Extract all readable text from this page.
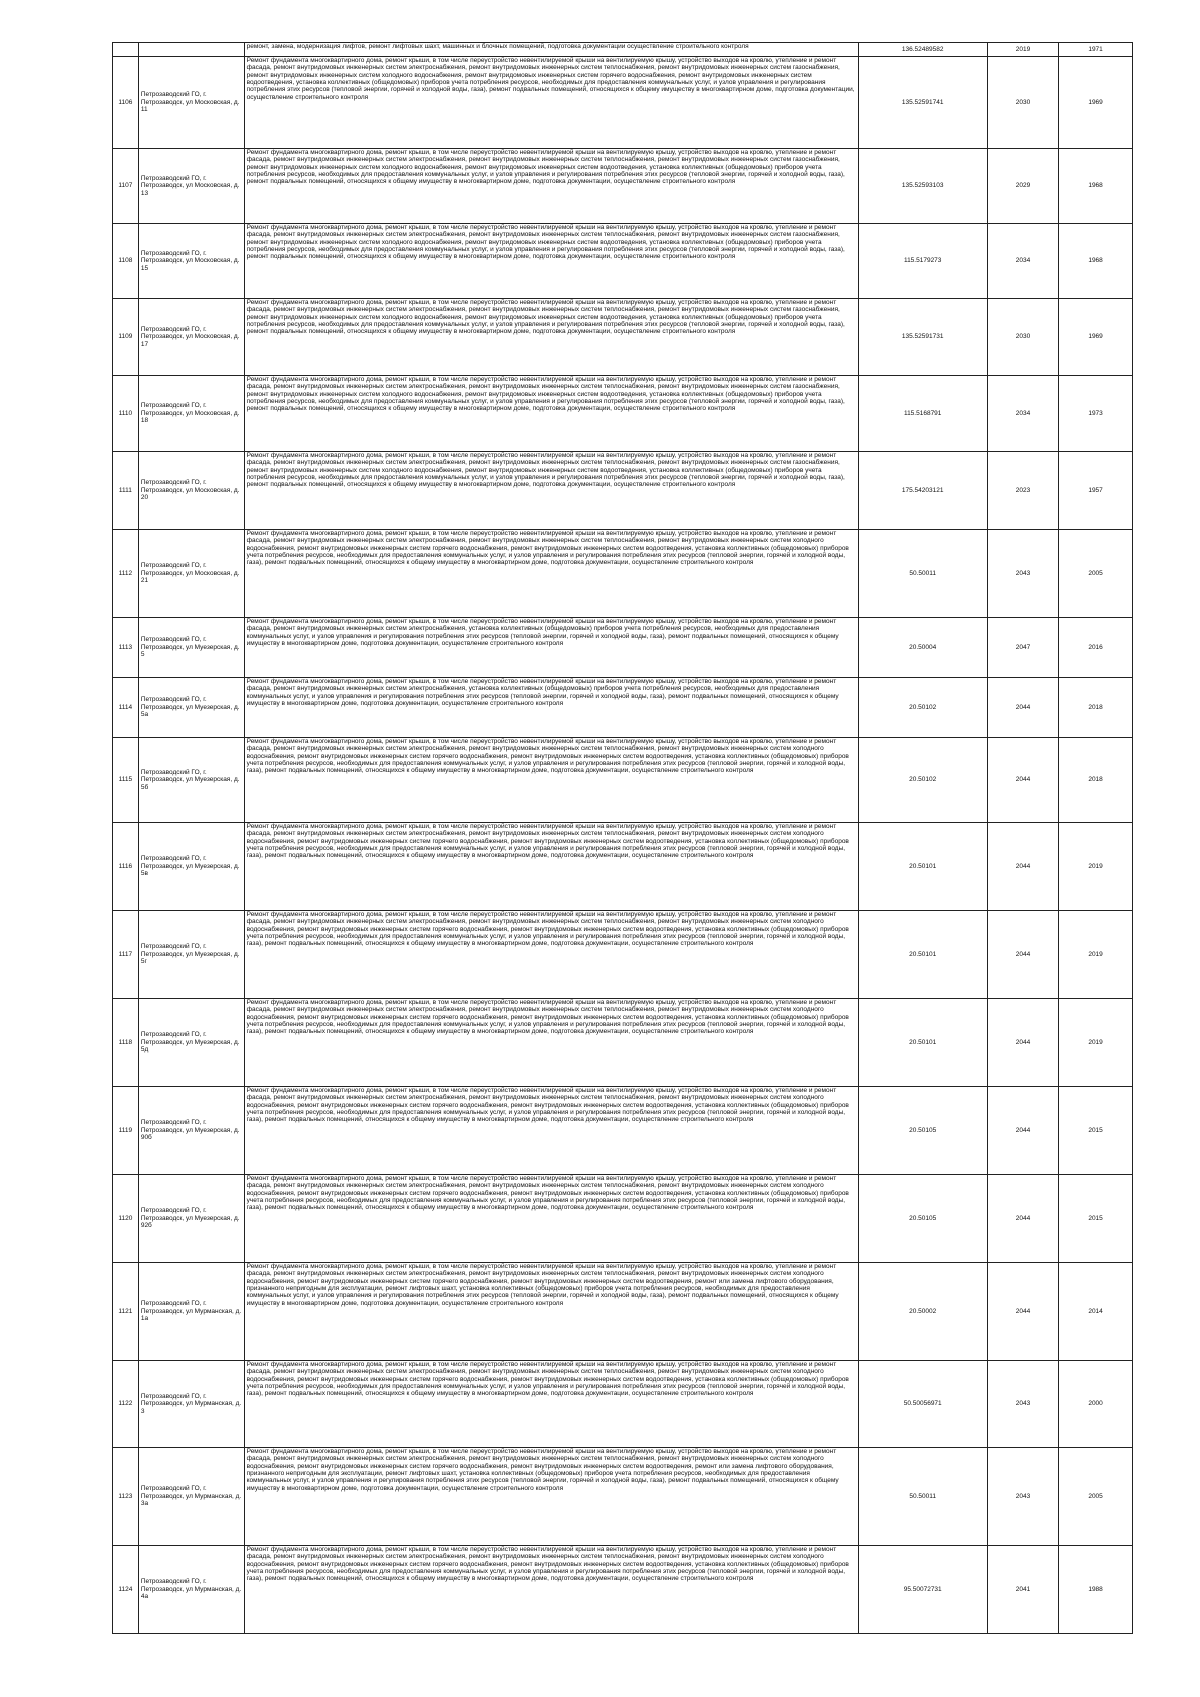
		ремонт, замена, модернизация лифтов, ремонт лифтовых шахт, машинных и блочных помещений, подготовка документации осуществление строительного контроля	136.52489582	2019	1971
1106	Петрозаводский ГО, г. Петрозаводск, ул Московская, д. 11	Ремонт фундамента многоквартирного дома, ремонт крыши, в том числе переустройство невентилируемой крыши на вентилируемую крышу, устройство выходов на кровлю, утепление и ремонт фасада, ремонт внутридомовых инженерных систем электроснабжения, ремонт внутридомовых инженерных систем теплоснабжения, ремонт внутридомовых инженерных систем газоснабжения, ремонт внутридомовых инженерных систем холодного водоснабжения, ремонт внутридомовых инженерных систем горячего водоснабжения, ремонт внутридомовых инженерных систем водоотведения, установка коллективных (общедомовых) приборов учета потребления ресурсов, необходимых для предоставления коммунальных услуг, и узлов управления и регулирования потребления этих ресурсов (тепловой энергии, горячей и холодной воды, газа), ремонт подвальных помещений, относящихся к общему имуществу в многоквартирном доме, подготовка документации, осуществление строительного контроля	135.52591741	2030	1969
1107	Петрозаводский ГО, г. Петрозаводск, ул Московская, д. 13	Ремонт фундамента многоквартирного дома, ремонт крыши, в том числе переустройство невентилируемой крыши на вентилируемую крышу, устройство выходов на кровлю, утепление и ремонт фасада, ремонт внутридомовых инженерных систем электроснабжения, ремонт внутридомовых инженерных систем теплоснабжения, ремонт внутридомовых инженерных систем газоснабжения, ремонт внутридомовых инженерных систем холодного водоснабжения, ремонт внутридомовых инженерных систем водоотведения, установка коллективных (общедомовых) приборов учета потребления ресурсов, необходимых для предоставления коммунальных услуг, и узлов управления и регулирования потребления этих ресурсов (тепловой энергии, горячей и холодной воды, газа), ремонт подвальных помещений, относящихся к общему имуществу в многоквартирном доме, подготовка документации, осуществление строительного контроля	135.52593103	2029	1968
1108	Петрозаводский ГО, г. Петрозаводск, ул Московская, д. 15	Ремонт фундамента многоквартирного дома, ремонт крыши, в том числе переустройство невентилируемой крыши на вентилируемую крышу, устройство выходов на кровлю, утепление и ремонт фасада, ремонт внутридомовых инженерных систем электроснабжения, ремонт внутридомовых инженерных систем теплоснабжения, ремонт внутридомовых инженерных систем газоснабжения, ремонт внутридомовых инженерных систем холодного водоснабжения, ремонт внутридомовых инженерных систем водоотведения, установка коллективных (общедомовых) приборов учета потребления ресурсов, необходимых для предоставления коммунальных услуг, и узлов управления и регулирования потребления этих ресурсов (тепловой энергии, горячей и холодной воды, газа), ремонт подвальных помещений, относящихся к общему имуществу в многоквартирном доме, подготовка документации, осуществление строительного контроля	115.5179273	2034	1968
1109	Петрозаводский ГО, г. Петрозаводск, ул Московская, д. 17	Ремонт фундамента многоквартирного дома, ремонт крыши, в том числе переустройство невентилируемой крыши на вентилируемую крышу, устройство выходов на кровлю, утепление и ремонт фасада, ремонт внутридомовых инженерных систем электроснабжения, ремонт внутридомовых инженерных систем теплоснабжения, ремонт внутридомовых инженерных систем газоснабжения, ремонт внутридомовых инженерных систем холодного водоснабжения, ремонт внутридомовых инженерных систем водоотведения, установка коллективных (общедомовых) приборов учета потребления ресурсов, необходимых для предоставления коммунальных услуг, и узлов управления и регулирования потребления этих ресурсов (тепловой энергии, горячей и холодной воды, газа), ремонт подвальных помещений, относящихся к общему имуществу в многоквартирном доме, подготовка документации, осуществление строительного контроля	135.52591731	2030	1969
1110	Петрозаводский ГО, г. Петрозаводск, ул Московская, д. 18	Ремонт фундамента многоквартирного дома, ремонт крыши, в том числе переустройство невентилируемой крыши на вентилируемую крышу, устройство выходов на кровлю, утепление и ремонт фасада, ремонт внутридомовых инженерных систем электроснабжения, ремонт внутридомовых инженерных систем теплоснабжения, ремонт внутридомовых инженерных систем газоснабжения, ремонт внутридомовых инженерных систем холодного водоснабжения, ремонт внутридомовых инженерных систем водоотведения, установка коллективных (общедомовых) приборов учета потребления ресурсов, необходимых для предоставления коммунальных услуг, и узлов управления и регулирования потребления этих ресурсов (тепловой энергии, горячей и холодной воды, газа), ремонт подвальных помещений, относящихся к общему имуществу в многоквартирном доме, подготовка документации, осуществление строительного контроля	115.5168791	2034	1973
1111	Петрозаводский ГО, г. Петрозаводск, ул Московская, д. 20	Ремонт фундамента многоквартирного дома, ремонт крыши, в том числе переустройство невентилируемой крыши на вентилируемую крышу, устройство выходов на кровлю, утепление и ремонт фасада, ремонт внутридомовых инженерных систем электроснабжения, ремонт внутридомовых инженерных систем теплоснабжения, ремонт внутридомовых инженерных систем газоснабжения, ремонт внутридомовых инженерных систем холодного водоснабжения, ремонт внутридомовых инженерных систем водоотведения, установка коллективных (общедомовых) приборов учета потребления ресурсов, необходимых для предоставления коммунальных услуг, и узлов управления и регулирования потребления этих ресурсов (тепловой энергии, горячей и холодной воды, газа), ремонт подвальных помещений, относящихся к общему имуществу в многоквартирном доме, подготовка документации, осуществление строительного контроля	175.54203121	2023	1957
1112	Петрозаводский ГО, г. Петрозаводск, ул Московская, д. 21	Ремонт фундамента многоквартирного дома, ремонт крыши, в том числе переустройство невентилируемой крыши на вентилируемую крышу, устройство выходов на кровлю, утепление и ремонт фасада, ремонт внутридомовых инженерных систем электроснабжения, ремонт внутридомовых инженерных систем теплоснабжения, ремонт внутридомовых инженерных систем холодного водоснабжения, ремонт внутридомовых инженерных систем горячего водоснабжения, ремонт внутридомовых инженерных систем водоотведения, установка коллективных (общедомовых) приборов учета потребления ресурсов, необходимых для предоставления коммунальных услуг, и узлов управления и регулирования потребления этих ресурсов (тепловой энергии, горячей и холодной воды, газа), ремонт подвальных помещений, относящихся к общему имуществу в многоквартирном доме, подготовка документации, осуществление строительного контроля	50.50011	2043	2005
1113	Петрозаводский ГО, г. Петрозаводск, ул Муезерская, д. 5	Ремонт фундамента многоквартирного дома, ремонт крыши, в том числе переустройство невентилируемой крыши на вентилируемую крышу, устройство выходов на кровлю, утепление и ремонт фасада, ремонт внутридомовых инженерных систем электроснабжения, установка коллективных (общедомовых) приборов учета потребления ресурсов, необходимых для предоставления коммунальных услуг, и узлов управления и регулирования потребления этих ресурсов (тепловой энергии, горячей и холодной воды, газа), ремонт подвальных помещений, относящихся к общему имуществу в многоквартирном доме, подготовка документации, осуществление строительного контроля	20.50004	2047	2016
1114	Петрозаводский ГО, г. Петрозаводск, ул Муезерская, д. 5а	Ремонт фундамента многоквартирного дома, ремонт крыши, в том числе переустройство невентилируемой крыши на вентилируемую крышу, устройство выходов на кровлю, утепление и ремонт фасада, ремонт внутридомовых инженерных систем электроснабжения, установка коллективных (общедомовых) приборов учета потребления ресурсов, необходимых для предоставления коммунальных услуг, и узлов управления и регулирования потребления этих ресурсов (тепловой энергии, горячей и холодной воды, газа), ремонт подвальных помещений, относящихся к общему имуществу в многоквартирном доме, подготовка документации, осуществление строительного контроля	20.50102	2044	2018
1115	Петрозаводский ГО, г. Петрозаводск, ул Муезерская, д. 5б	Ремонт фундамента многоквартирного дома, ремонт крыши, в том числе переустройство невентилируемой крыши на вентилируемую крышу, устройство выходов на кровлю, утепление и ремонт фасада, ремонт внутридомовых инженерных систем электроснабжения, ремонт внутридомовых инженерных систем теплоснабжения, ремонт внутридомовых инженерных систем холодного водоснабжения, ремонт внутридомовых инженерных систем горячего водоснабжения, ремонт внутридомовых инженерных систем водоотведения, установка коллективных (общедомовых) приборов учета потребления ресурсов, необходимых для предоставления коммунальных услуг, и узлов управления и регулирования потребления этих ресурсов (тепловой энергии, горячей и холодной воды, газа), ремонт подвальных помещений, относящихся к общему имуществу в многоквартирном доме, подготовка документации, осуществление строительного контроля	20.50102	2044	2018
1116	Петрозаводский ГО, г. Петрозаводск, ул Муезерская, д. 5в	Ремонт фундамента многоквартирного дома, ремонт крыши, в том числе переустройство невентилируемой крыши на вентилируемую крышу, устройство выходов на кровлю, утепление и ремонт фасада, ремонт внутридомовых инженерных систем электроснабжения, ремонт внутридомовых инженерных систем теплоснабжения, ремонт внутридомовых инженерных систем холодного водоснабжения, ремонт внутридомовых инженерных систем горячего водоснабжения, ремонт внутридомовых инженерных систем водоотведения, установка коллективных (общедомовых) приборов учета потребления ресурсов, необходимых для предоставления коммунальных услуг, и узлов управления и регулирования потребления этих ресурсов (тепловой энергии, горячей и холодной воды, газа), ремонт подвальных помещений, относящихся к общему имуществу в многоквартирном доме, подготовка документации, осуществление строительного контроля	20.50101	2044	2019
1117	Петрозаводский ГО, г. Петрозаводск, ул Муезерская, д. 5г	Ремонт фундамента многоквартирного дома, ремонт крыши, в том числе переустройство невентилируемой крыши на вентилируемую крышу, устройство выходов на кровлю, утепление и ремонт фасада, ремонт внутридомовых инженерных систем электроснабжения, ремонт внутридомовых инженерных систем теплоснабжения, ремонт внутридомовых инженерных систем холодного водоснабжения, ремонт внутридомовых инженерных систем горячего водоснабжения, ремонт внутридомовых инженерных систем водоотведения, установка коллективных (общедомовых) приборов учета потребления ресурсов, необходимых для предоставления коммунальных услуг, и узлов управления и регулирования потребления этих ресурсов (тепловой энергии, горячей и холодной воды, газа), ремонт подвальных помещений, относящихся к общему имуществу в многоквартирном доме, подготовка документации, осуществление строительного контроля	20.50101	2044	2019
1118	Петрозаводский ГО, г. Петрозаводск, ул Муезерская, д. 5д	Ремонт фундамента многоквартирного дома, ремонт крыши, в том числе переустройство невентилируемой крыши на вентилируемую крышу, устройство выходов на кровлю, утепление и ремонт фасада, ремонт внутридомовых инженерных систем электроснабжения, ремонт внутридомовых инженерных систем теплоснабжения, ремонт внутридомовых инженерных систем холодного водоснабжения, ремонт внутридомовых инженерных систем горячего водоснабжения, ремонт внутридомовых инженерных систем водоотведения, установка коллективных (общедомовых) приборов учета потребления ресурсов, необходимых для предоставления коммунальных услуг, и узлов управления и регулирования потребления этих ресурсов (тепловой энергии, горячей и холодной воды, газа), ремонт подвальных помещений, относящихся к общему имуществу в многоквартирном доме, подготовка документации, осуществление строительного контроля	20.50101	2044	2019
1119	Петрозаводский ГО, г. Петрозаводск, ул Муезерская, д. 90б	Ремонт фундамента многоквартирного дома, ремонт крыши, в том числе переустройство невентилируемой крыши на вентилируемую крышу, устройство выходов на кровлю, утепление и ремонт фасада, ремонт внутридомовых инженерных систем электроснабжения, ремонт внутридомовых инженерных систем теплоснабжения, ремонт внутридомовых инженерных систем холодного водоснабжения, ремонт внутридомовых инженерных систем горячего водоснабжения, ремонт внутридомовых инженерных систем водоотведения, установка коллективных (общедомовых) приборов учета потребления ресурсов, необходимых для предоставления коммунальных услуг, и узлов управления и регулирования потребления этих ресурсов (тепловой энергии, горячей и холодной воды, газа), ремонт подвальных помещений, относящихся к общему имуществу в многоквартирном доме, подготовка документации, осуществление строительного контроля	20.50105	2044	2015
1120	Петрозаводский ГО, г. Петрозаводск, ул Муезерская, д. 92б	Ремонт фундамента многоквартирного дома, ремонт крыши, в том числе переустройство невентилируемой крыши на вентилируемую крышу, устройство выходов на кровлю, утепление и ремонт фасада, ремонт внутридомовых инженерных систем электроснабжения, ремонт внутридомовых инженерных систем теплоснабжения, ремонт внутридомовых инженерных систем холодного водоснабжения, ремонт внутридомовых инженерных систем горячего водоснабжения, ремонт внутридомовых инженерных систем водоотведения, установка коллективных (общедомовых) приборов учета потребления ресурсов, необходимых для предоставления коммунальных услуг, и узлов управления и регулирования потребления этих ресурсов (тепловой энергии, горячей и холодной воды, газа), ремонт подвальных помещений, относящихся к общему имуществу в многоквартирном доме, подготовка документации, осуществление строительного контроля	20.50105	2044	2015
1121	Петрозаводский ГО, г. Петрозаводск, ул Мурманская, д. 1а	Ремонт фундамента многоквартирного дома, ремонт крыши, в том числе переустройство невентилируемой крыши на вентилируемую крышу, устройство выходов на кровлю, утепление и ремонт фасада, ремонт внутридомовых инженерных систем электроснабжения, ремонт внутридомовых инженерных систем теплоснабжения, ремонт внутридомовых инженерных систем холодного водоснабжения, ремонт внутридомовых инженерных систем горячего водоснабжения, ремонт внутридомовых инженерных систем водоотведения, ремонт или замена лифтового оборудования, признанного непригодным для эксплуатации, ремонт лифтовых шахт, установка коллективных (общедомовых) приборов учета потребления ресурсов, необходимых для предоставления коммунальных услуг, и узлов управления и регулирования потребления этих ресурсов (тепловой энергии, горячей и холодной воды, газа), ремонт подвальных помещений, относящихся к общему имуществу в многоквартирном доме, подготовка документации, осуществление строительного контроля	20.50002	2044	2014
1122	Петрозаводский ГО, г. Петрозаводск, ул Мурманская, д. 3	Ремонт фундамента многоквартирного дома, ремонт крыши, в том числе переустройство невентилируемой крыши на вентилируемую крышу, устройство выходов на кровлю, утепление и ремонт фасада, ремонт внутридомовых инженерных систем электроснабжения, ремонт внутридомовых инженерных систем теплоснабжения, ремонт внутридомовых инженерных систем холодного водоснабжения, ремонт внутридомовых инженерных систем горячего водоснабжения, ремонт внутридомовых инженерных систем водоотведения, установка коллективных (общедомовых) приборов учета потребления ресурсов, необходимых для предоставления коммунальных услуг, и узлов управления и регулирования потребления этих ресурсов (тепловой энергии, горячей и холодной воды, газа), ремонт подвальных помещений, относящихся к общему имуществу в многоквартирном доме, подготовка документации, осуществление строительного контроля	50.50056971	2043	2000
1123	Петрозаводский ГО, г. Петрозаводск, ул Мурманская, д. 3а	Ремонт фундамента многоквартирного дома, ремонт крыши, в том числе переустройство невентилируемой крыши на вентилируемую крышу, устройство выходов на кровлю, утепление и ремонт фасада, ремонт внутридомовых инженерных систем электроснабжения, ремонт внутридомовых инженерных систем теплоснабжения, ремонт внутридомовых инженерных систем холодного водоснабжения, ремонт внутридомовых инженерных систем горячего водоснабжения, ремонт внутридомовых инженерных систем водоотведения, ремонт или замена лифтового оборудования, признанного непригодным для эксплуатации, ремонт лифтовых шахт, установка коллективных (общедомовых) приборов учета потребления ресурсов, необходимых для предоставления коммунальных услуг, и узлов управления и регулирования потребления этих ресурсов (тепловой энергии, горячей и холодной воды, газа), ремонт подвальных помещений, относящихся к общему имуществу в многоквартирном доме, подготовка документации, осуществление строительного контроля	50.50011	2043	2005
1124	Петрозаводский ГО, г. Петрозаводск, ул Мурманская, д. 4а	Ремонт фундамента многоквартирного дома, ремонт крыши, в том числе переустройство невентилируемой крыши на вентилируемую крышу, устройство выходов на кровлю, утепление и ремонт фасада, ремонт внутридомовых инженерных систем электроснабжения, ремонт внутридомовых инженерных систем теплоснабжения, ремонт внутридомовых инженерных систем холодного водоснабжения, ремонт внутридомовых инженерных систем горячего водоснабжения, ремонт внутридомовых инженерных систем водоотведения, установка коллективных (общедомовых) приборов учета потребления ресурсов, необходимых для предоставления коммунальных услуг, и узлов управления и регулирования потребления этих ресурсов (тепловой энергии, горячей и холодной воды, газа), ремонт подвальных помещений, относящихся к общему имуществу в многоквартирном доме, подготовка документации, осуществление строительного контроля	95.50072731	2041	1988
